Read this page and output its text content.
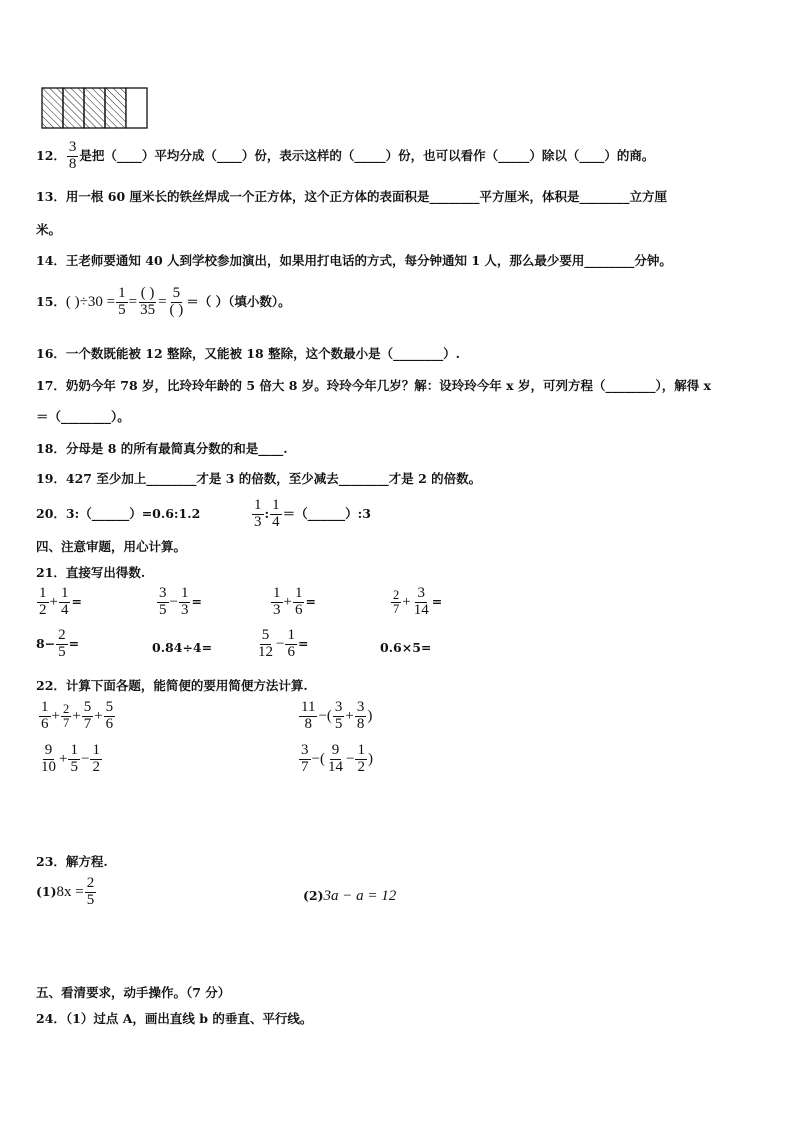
12． $\frac{3}{8}$ 是把（____）平均分成（____）份，表示这样的（_____）份，也可以看作（_____）除以（____）的商。
13．用一根 60 厘米长的铁丝焊成一个正方体，这个正方体的表面积是________平方厘米，体积是________立方厘
米。
14．王老师要通知 40 人到学校参加演出，如果用打电话的方式，每分钟通知 1 人，那么最少要用________分钟。
15．( )$\div 30 = \frac{1}{5} = \frac{( )}{35} = \frac{5}{( )}$ ＝（ ）（填小数）。
16．一个数既能被 12 整除，又能被 18 整除，这个数最小是（________）.
17．奶奶今年 78 岁，比玲玲年龄的 5 倍大 8 岁。玲玲今年几岁？解：设玲玲今年 x 岁，可列方程（________），解得 x
＝（________）。
18．分母是 8 的所有最简真分数的和是____.
19．427 至少加上________才是 3 的倍数，至少减去________才是 2 的倍数。
20．3:（______）=0.6:1.2	$\frac{1}{3}$ : $\frac{1}{4}$ ＝（______）:3
四、注意审题，用心计算。
21．直接写出得数.
$\frac{1}{2} + \frac{1}{4}$ =	$\frac{3}{5} - \frac{1}{3}$ =	$\frac{1}{3} + \frac{1}{6}$ =	$\frac{2}{7} + \frac{3}{14}$ =
$8- \frac{2}{5}$ =	0.84÷4=	$\frac{5}{12} - \frac{1}{6}$ =	0.6×5=
22．计算下面各题，能简便的要用简便方法计算.
$\frac{1}{6} + \frac{2}{7} + \frac{5}{7} + \frac{5}{6}$	$\frac{11}{8}$ −( $\frac{3}{5} + \frac{3}{8}$ )
$\frac{9}{10} + \frac{1}{5} - \frac{1}{2}$	$\frac{3}{7}$ −( $\frac{9}{14} - \frac{1}{2}$ )
23．解方程.
$(1)8x = \frac{2}{5}$	(2)3a − a = 12
五、看清要求，动手操作。（7 分）
24．（1）过点 A，画出直线 b 的垂直、平行线。
